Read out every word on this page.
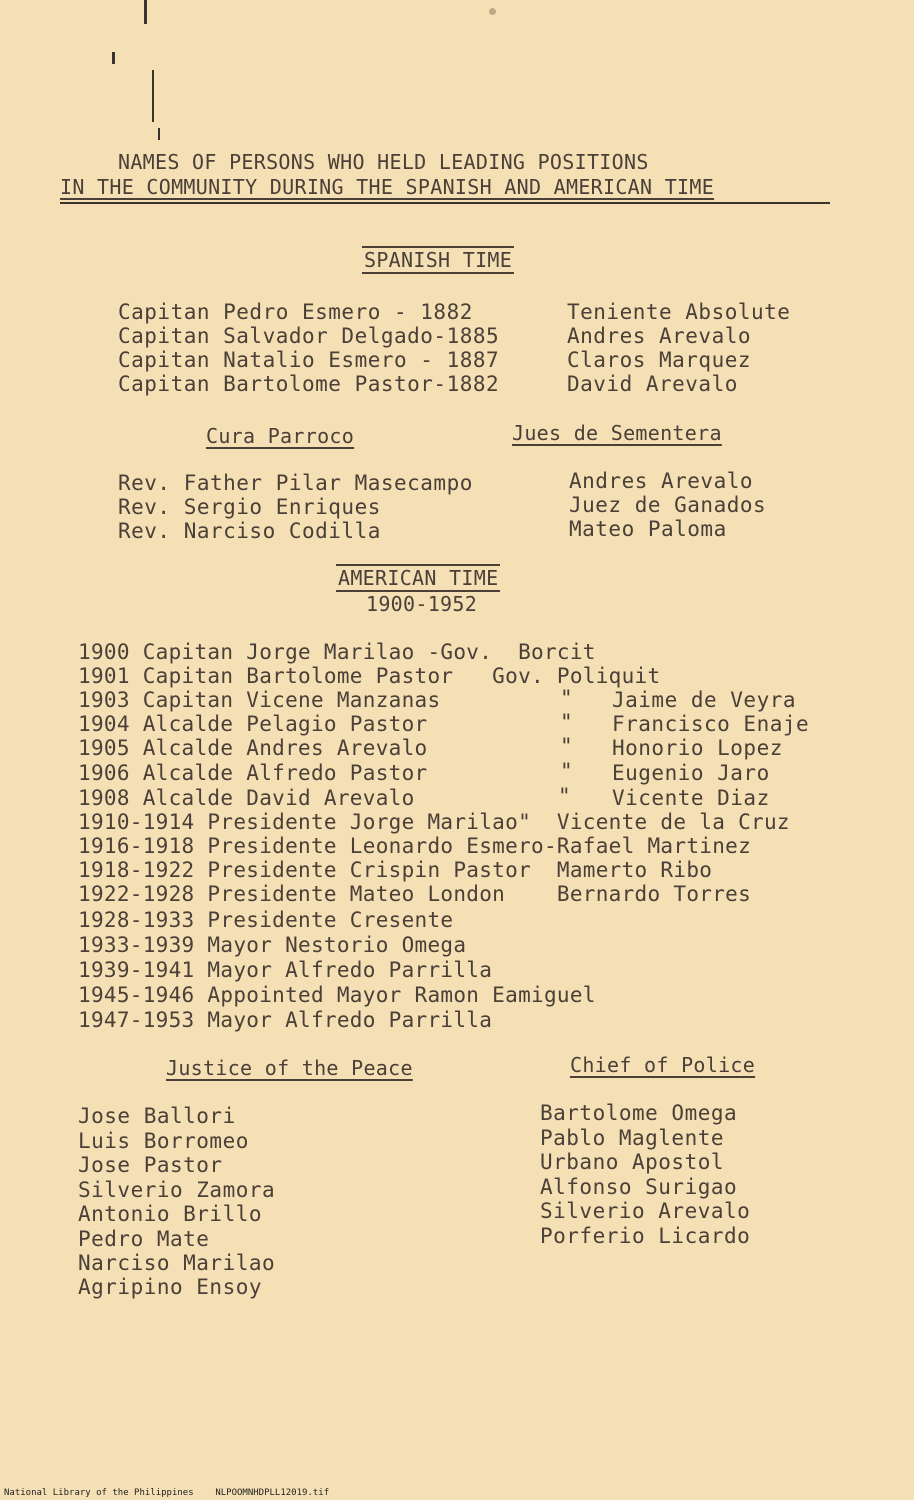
NAMES OF PERSONS WHO HELD LEADING POSITIONS
IN THE COMMUNITY DURING THE SPANISH AND AMERICAN TIME
SPANISH TIME
Capitan Pedro Esmero - 1882
Capitan Salvador Delgado-1885
Capitan Natalio Esmero - 1887
Capitan Bartolome Pastor-1882
Teniente Absolute
Andres Arevalo
Claros Marquez
David Arevalo
Cura Parroco	Jues de Sementera
Rev. Father Pilar Masecampo
Rev. Sergio Enriques
Rev. Narciso Codilla
Andres Arevalo
Juez de Ganados
Mateo Paloma
AMERICAN TIME
1900-1952
1900 Capitan Jorge Marilao -Gov.  Borcit
1901 Capitan Bartolome Pastor   Gov. Poliquit
1903 Capitan Vicene Manzanas
1904 Alcalde Pelagio Pastor
1905 Alcalde Andres Arevalo
1906 Alcalde Alfredo Pastor
1908 Alcalde David Arevalo
1910-1914 Presidente Jorge Marilao"  Vicente de la Cruz
1916-1918 Presidente Leonardo Esmero-Rafael Martinez
1918-1922 Presidente Crispin Pastor  Mamerto Ribo
1922-1928 Presidente Mateo London    Bernardo Torres
1928-1933 Presidente Cresente
1933-1939 Mayor Nestorio Omega
1939-1941 Mayor Alfredo Parrilla
1945-1946 Appointed Mayor Ramon Eamiguel
1947-1953 Mayor Alfredo Parrilla
"
"
"
"
"
Jaime de Veyra
Francisco Enaje
Honorio Lopez
Eugenio Jaro
Vicente Diaz
Justice of the Peace
Jose Ballori
Luis Borromeo
Jose Pastor
Silverio Zamora
Antonio Brillo
Pedro Mate
Narciso Marilao
Agripino Ensoy
Chief of Police
Bartolome Omega
Pablo Maglente
Urbano Apostol
Alfonso Surigao
Silverio Arevalo
Porferio Licardo
National Library of the Philippines    NLPOOMNHDPLL12019.tif
